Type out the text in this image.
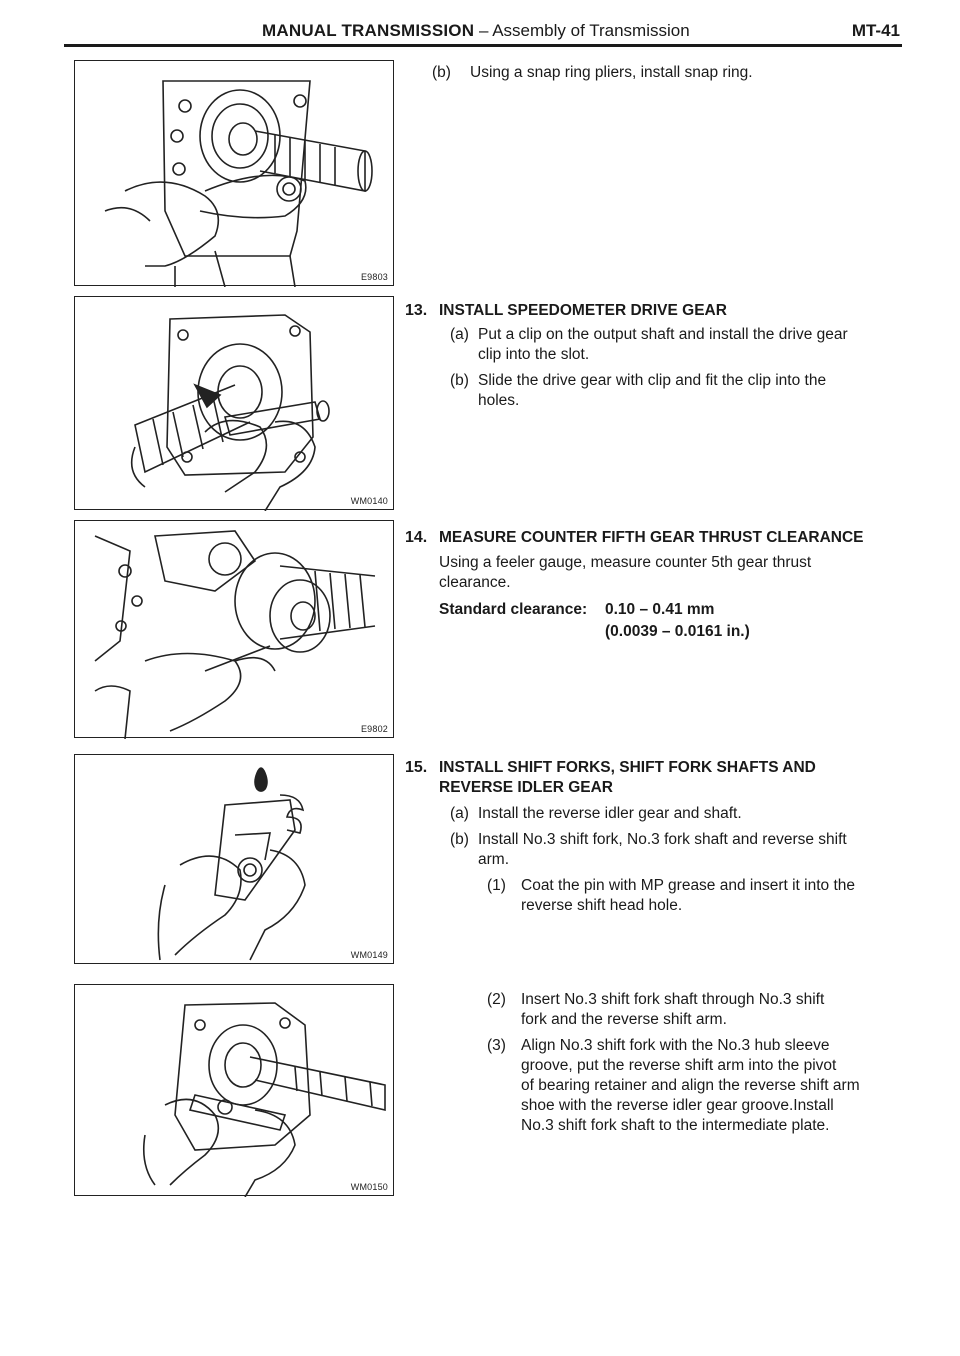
MANUAL TRANSMISSION – Assembly of Transmission	MT-41
E9803
WM0140
E9802
WM0149
WM0150
(b) Using a snap ring pliers, install snap ring.
13. INSTALL SPEEDOMETER DRIVE GEAR
(a) Put a clip on the output shaft and install the drive gear
clip into the slot.
(b) Slide the drive gear with clip and fit the clip into the
holes.
14. MEASURE COUNTER FIFTH GEAR THRUST CLEARANCE
Using a feeler gauge, measure counter 5th gear thrust
clearance.
Standard clearance: 0.10 – 0.41 mm
(0.0039 – 0.0161 in.)
15. INSTALL SHIFT FORKS, SHIFT FORK SHAFTS AND
REVERSE IDLER GEAR
(a) Install the reverse idler gear and shaft.
(b) Install No.3 shift fork, No.3 fork shaft and reverse shift
arm.
(1) Coat the pin with MP grease and insert it into the
reverse shift head hole.
(2) Insert No.3 shift fork shaft through No.3 shift
fork and the reverse shift arm.
(3) Align No.3 shift fork with the No.3 hub sleeve
groove, put the reverse shift arm into the pivot
of bearing retainer and align the reverse shift arm
shoe with the reverse idler gear groove.Install
No.3 shift fork shaft to the intermediate plate.
